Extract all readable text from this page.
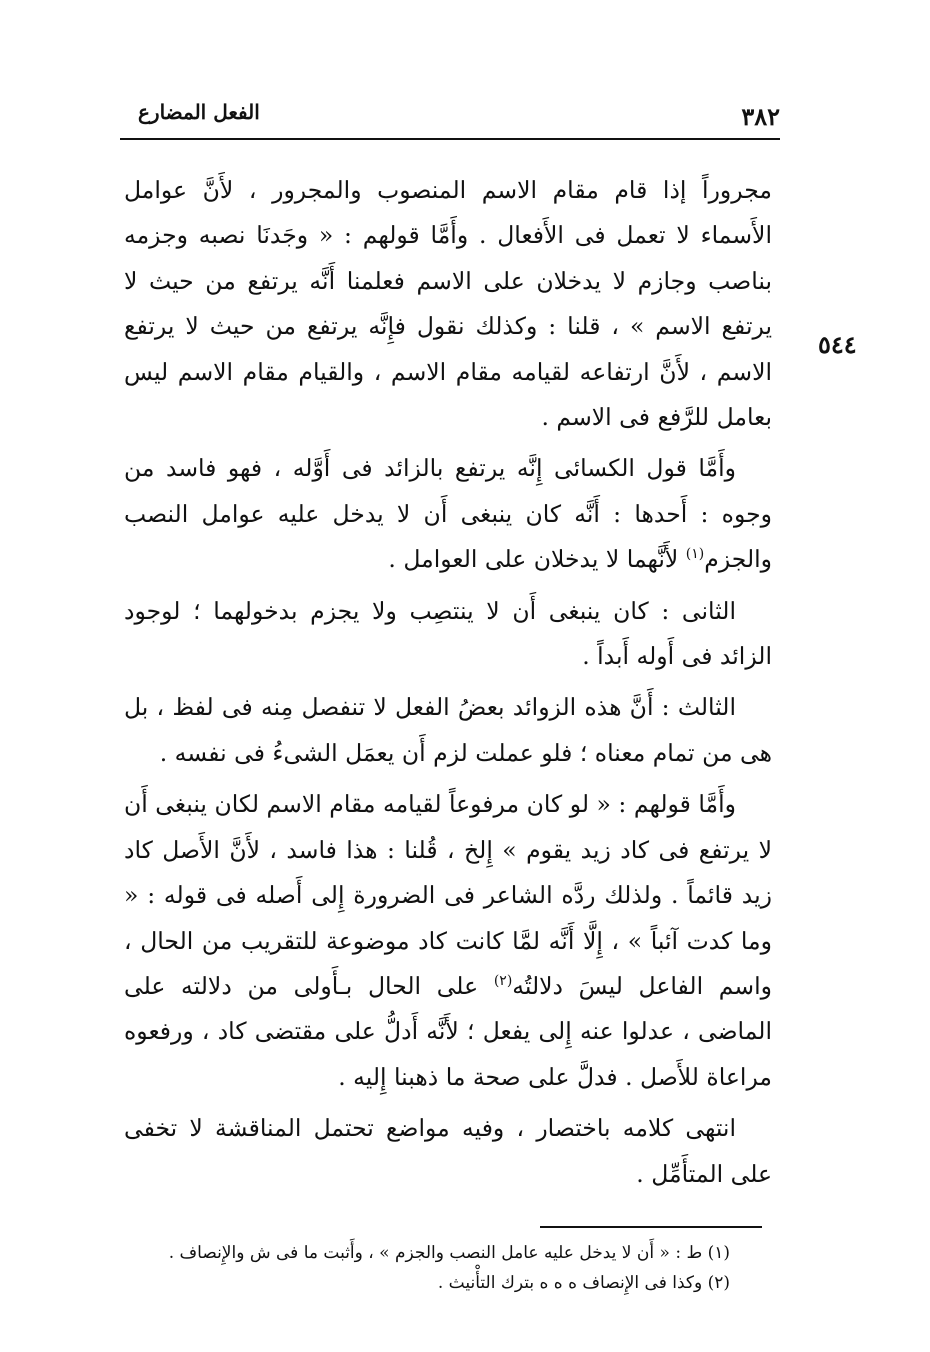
٣٨٢
الفعل المضارع
٥٤٤

مجروراً إذا قام مقام الاسم المنصوب والمجرور ، لأَنَّ عوامل الأَسماء لا تعمل فى الأَفعال . وأَمَّا قولهم : « وجَدنَا نصبه وجزمه بناصب وجازم لا يدخلان على الاسم فعلمنا أَنَّه يرتفع من حيث لا يرتفع الاسم » ، قلنا : وكذلك نقول فإِنَّه يرتفع من حيث لا يرتفع الاسم ، لأَنَّ ارتفاعه لقيامه مقام الاسم ، والقيام مقام الاسم ليس بعامل للرَّفع فى الاسم .

وأَمَّا قول الكسائى إِنَّه يرتفع بالزائد فى أَوَّله ، فهو فاسد من وجوه : أَحدها : أَنَّه كان ينبغى أَن لا يدخل عليه عوامل النصب والجزم$^{(١)}$ لأَنَّهما لا يدخلان على العوامل .

الثانى : كان ينبغى أَن لا ينتصِب ولا يجزم بدخولهما ؛ لوجود الزائد فى أَوله أَبداً .

الثالث : أَنَّ هذه الزوائد بعضُ الفعل لا تنفصل مِنه فى لفظ ، بل هى من تمام معناه ؛ فلو عملت لزم أَن يعمَل الشىءُ فى نفسه .

وأَمَّا قولهم : « لو كان مرفوعاً لقيامه مقام الاسم لكان ينبغى أَن لا يرتفع فى كاد زيد يقوم » إِلخ ، قُلنا : هذا فاسد ، لأَنَّ الأَصل كاد زيد قائماً . ولذلك ردَّه الشاعر فى الضرورة إِلى أَصله فى قوله : « وما كدت آئباً » ، إِلَّا أَنَّه لمَّا كانت كاد موضوعة للتقريب من الحال ، واسم الفاعل ليسَ دلالتُه$^{(٢)}$ على الحال بـأَولى من دلالته على الماضى ، عدلوا عنه إِلى يفعل ؛ لأَنَّه أَدلُّ على مقتضى كاد ، ورفعوه مراعاة للأَصل . فدلَّ على صحة ما ذهبنا إِليه .

انتهى كلامه باختصار ، وفيه مواضع تحتمل المناقشة لا تخفى على المتأَمِّل .

(١) ط : « أَن لا يدخل عليه عامل النصب والجزم » ، وأَثبت ما فى ش والإِنصاف .

(٢) وكذا فى الإِنصاف ه ه ه بترك التأْنيث .
